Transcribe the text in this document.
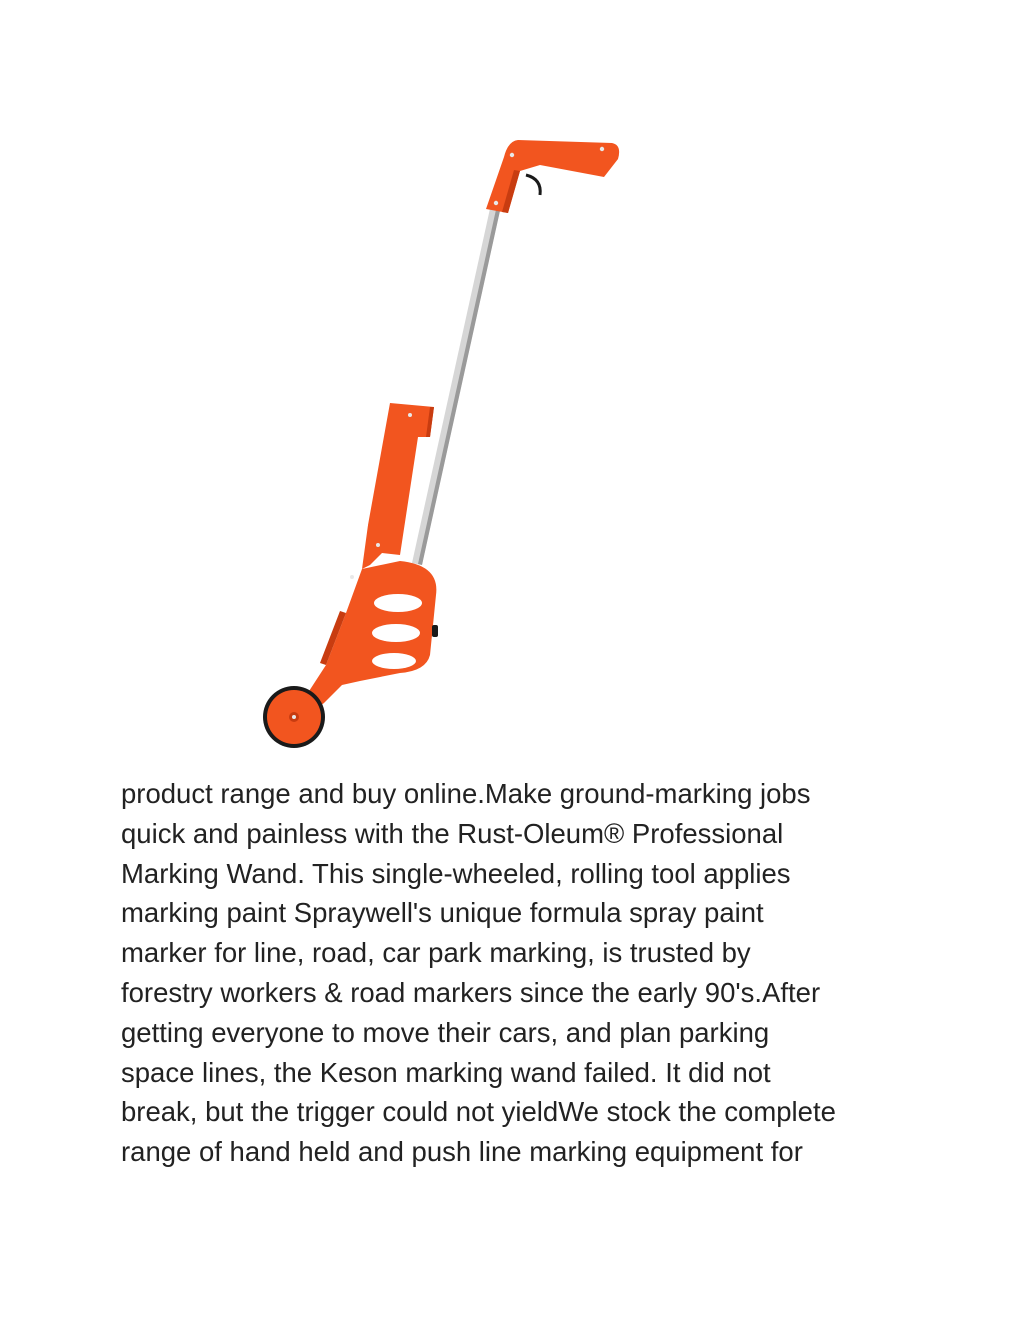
product range and buy online.Make ground-marking jobs
quick and painless with the Rust-Oleum® Professional
Marking Wand. This single-wheeled, rolling tool applies
marking paint Spraywell's unique formula spray paint
marker for line, road, car park marking, is trusted by
forestry workers & road markers since the early 90's.After
getting everyone to move their cars, and plan parking
space lines, the Keson marking wand failed. It did not
break, but the trigger could not yieldWe stock the complete
range of hand held and push line marking equipment for
